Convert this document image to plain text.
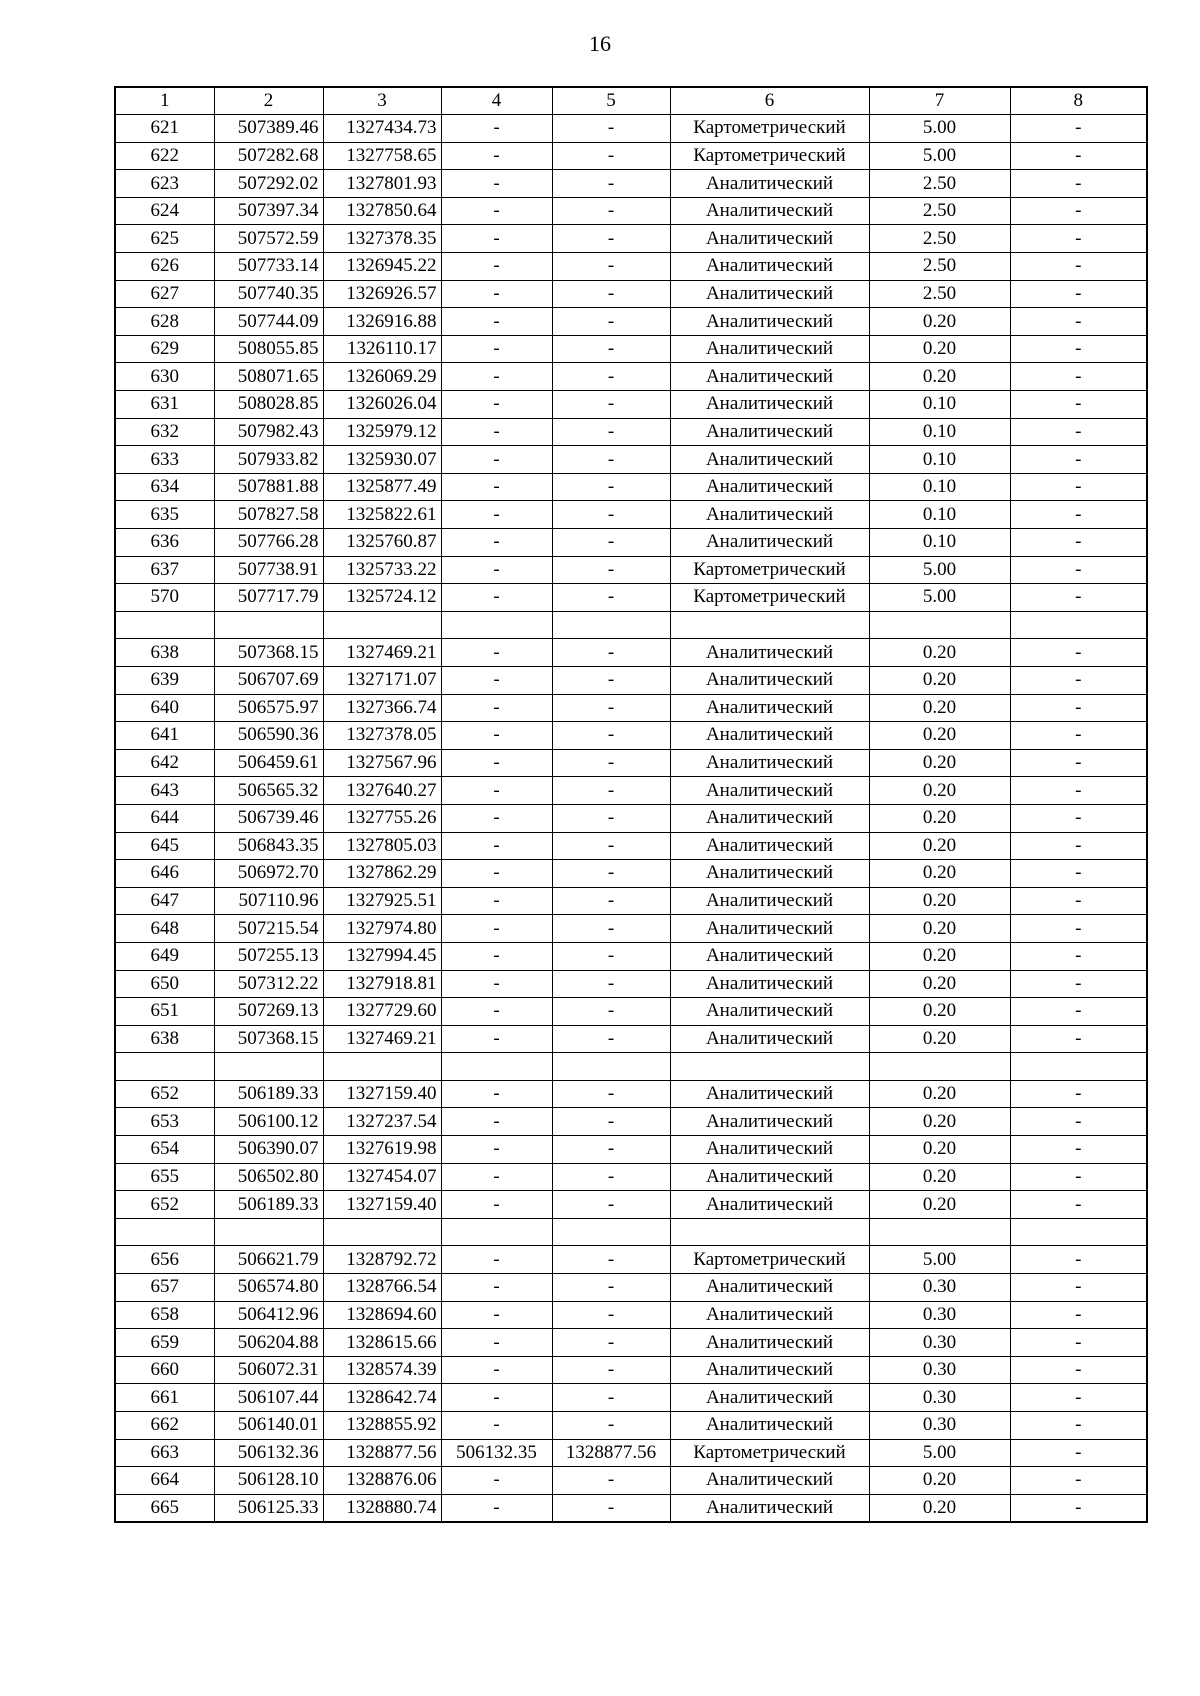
16
1	2	3	4	5	6	7	8
621	507389.46	1327434.73	-	-	Картометрический	5.00	-
622	507282.68	1327758.65	-	-	Картометрический	5.00	-
623	507292.02	1327801.93	-	-	Аналитический	2.50	-
624	507397.34	1327850.64	-	-	Аналитический	2.50	-
625	507572.59	1327378.35	-	-	Аналитический	2.50	-
626	507733.14	1326945.22	-	-	Аналитический	2.50	-
627	507740.35	1326926.57	-	-	Аналитический	2.50	-
628	507744.09	1326916.88	-	-	Аналитический	0.20	-
629	508055.85	1326110.17	-	-	Аналитический	0.20	-
630	508071.65	1326069.29	-	-	Аналитический	0.20	-
631	508028.85	1326026.04	-	-	Аналитический	0.10	-
632	507982.43	1325979.12	-	-	Аналитический	0.10	-
633	507933.82	1325930.07	-	-	Аналитический	0.10	-
634	507881.88	1325877.49	-	-	Аналитический	0.10	-
635	507827.58	1325822.61	-	-	Аналитический	0.10	-
636	507766.28	1325760.87	-	-	Аналитический	0.10	-
637	507738.91	1325733.22	-	-	Картометрический	5.00	-
570	507717.79	1325724.12	-	-	Картометрический	5.00	-

638	507368.15	1327469.21	-	-	Аналитический	0.20	-
639	506707.69	1327171.07	-	-	Аналитический	0.20	-
640	506575.97	1327366.74	-	-	Аналитический	0.20	-
641	506590.36	1327378.05	-	-	Аналитический	0.20	-
642	506459.61	1327567.96	-	-	Аналитический	0.20	-
643	506565.32	1327640.27	-	-	Аналитический	0.20	-
644	506739.46	1327755.26	-	-	Аналитический	0.20	-
645	506843.35	1327805.03	-	-	Аналитический	0.20	-
646	506972.70	1327862.29	-	-	Аналитический	0.20	-
647	507110.96	1327925.51	-	-	Аналитический	0.20	-
648	507215.54	1327974.80	-	-	Аналитический	0.20	-
649	507255.13	1327994.45	-	-	Аналитический	0.20	-
650	507312.22	1327918.81	-	-	Аналитический	0.20	-
651	507269.13	1327729.60	-	-	Аналитический	0.20	-
638	507368.15	1327469.21	-	-	Аналитический	0.20	-

652	506189.33	1327159.40	-	-	Аналитический	0.20	-
653	506100.12	1327237.54	-	-	Аналитический	0.20	-
654	506390.07	1327619.98	-	-	Аналитический	0.20	-
655	506502.80	1327454.07	-	-	Аналитический	0.20	-
652	506189.33	1327159.40	-	-	Аналитический	0.20	-

656	506621.79	1328792.72	-	-	Картометрический	5.00	-
657	506574.80	1328766.54	-	-	Аналитический	0.30	-
658	506412.96	1328694.60	-	-	Аналитический	0.30	-
659	506204.88	1328615.66	-	-	Аналитический	0.30	-
660	506072.31	1328574.39	-	-	Аналитический	0.30	-
661	506107.44	1328642.74	-	-	Аналитический	0.30	-
662	506140.01	1328855.92	-	-	Аналитический	0.30	-
663	506132.36	1328877.56	506132.35	1328877.56	Картометрический	5.00	-
664	506128.10	1328876.06	-	-	Аналитический	0.20	-
665	506125.33	1328880.74	-	-	Аналитический	0.20	-
